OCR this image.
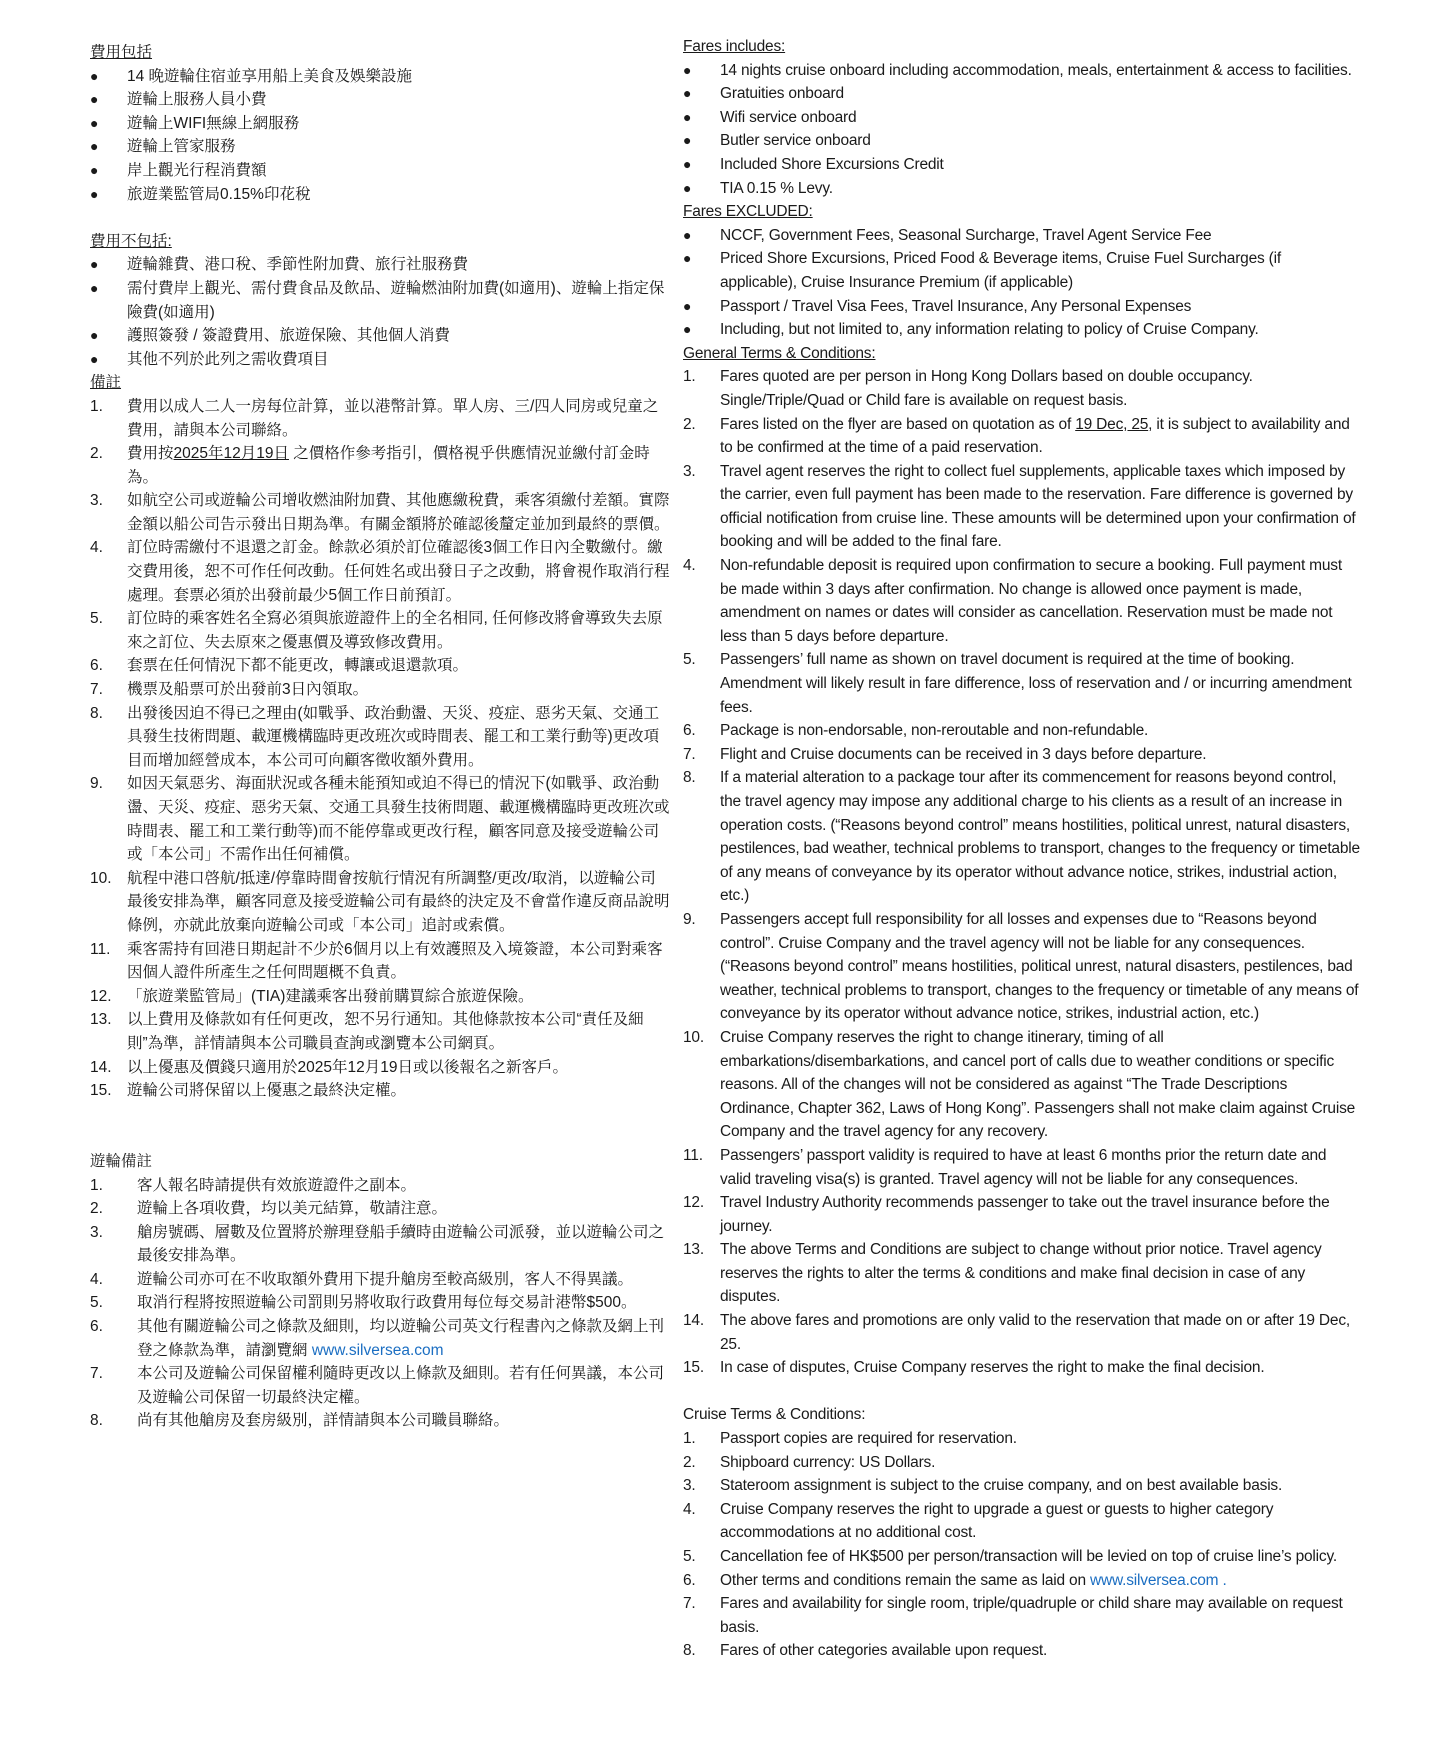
費用包括

●	14 晚遊輪住宿並享用船上美食及娛樂設施
●	遊輪上服務人員小費
●	遊輪上WIFI無線上網服務
●	遊輪上管家服務
●	岸上觀光行程消費額
●	旅遊業監管局0.15%印花稅

費用不包括:

●	遊輪雜費、港口稅、季節性附加費、旅行社服務費
●	需付費岸上觀光、需付費食品及飲品、遊輪燃油附加費(如適用)、遊輪上指定保險費(如適用)
●	護照簽發 / 簽證費用、旅遊保險、其他個人消費
●	其他不列於此列之需收費項目

備註

1.	費用以成人二人一房每位計算，並以港幣計算。單人房、三/四人同房或兒童之費用，請與本公司聯絡。
2.	費用按2025年12月19日 之價格作參考指引，價格視乎供應情況並繳付訂金時為。
3.	如航空公司或遊輪公司增收燃油附加費、其他應繳稅費，乘客須繳付差額。實際金額以船公司告示發出日期為準。有關金額將於確認後釐定並加到最終的票價。
4.	訂位時需繳付不退還之訂金。餘款必須於訂位確認後3個工作日內全數繳付。繳交費用後，恕不可作任何改動。任何姓名或出發日子之改動，將會視作取消行程處理。套票必須於出發前最少5個工作日前預訂。
5.	訂位時的乘客姓名全寫必須與旅遊證件上的全名相同, 任何修改將會導致失去原來之訂位、失去原來之優惠價及導致修改費用。
6.	套票在任何情況下都不能更改，轉讓或退還款項。
7.	機票及船票可於出發前3日內領取。
8.	出發後因迫不得已之理由(如戰爭、政治動盪、天災、疫症、惡劣天氣、交通工具發生技術問題、載運機構臨時更改班次或時間表、罷工和工業行動等)更改項目而增加經營成本，本公司可向顧客徵收額外費用。
9.	如因天氣惡劣、海面狀況或各種未能預知或迫不得已的情況下(如戰爭、政治動盪、天災、疫症、惡劣天氣、交通工具發生技術問題、載運機構臨時更改班次或時間表、罷工和工業行動等)而不能停靠或更改行程，顧客同意及接受遊輪公司或「本公司」不需作出任何補償。
10. 航程中港口啓航/抵達/停靠時間會按航行情況有所調整/更改/取消，以遊輪公司最後安排為準，顧客同意及接受遊輪公司有最終的決定及不會當作違反商品說明條例，亦就此放棄向遊輪公司或「本公司」追討或索償。
11.	乘客需持有回港日期起計不少於6個月以上有效護照及入境簽證，本公司對乘客因個人證件所產生之任何問題概不負責。
12. 「旅遊業監管局」(TIA)建議乘客出發前購買綜合旅遊保險。
13. 以上費用及條款如有任何更改，恕不另行通知。其他條款按本公司“責任及細則”為準，詳情請與本公司職員查詢或瀏覽本公司網頁。
14. 以上優惠及價錢只適用於2025年12月19日或以後報名之新客戶。
15. 遊輪公司將保留以上優惠之最終決定權。

遊輪備註

1.	客人報名時請提供有效旅遊證件之副本。
2.	遊輪上各項收費，均以美元結算，敬請注意。
3.	艙房號碼、層數及位置將於辦理登船手續時由遊輪公司派發，並以遊輪公司之最後安排為準。
4.	遊輪公司亦可在不收取額外費用下提升艙房至較高級別，客人不得異議。
5.	取消行程將按照遊輪公司罰則另將收取行政費用每位每交易計港幣$500。
6.	其他有關遊輪公司之條款及細則，均以遊輪公司英文行程書內之條款及網上刊登之條款為準，請瀏覽網 www.silversea.com
7.	本公司及遊輪公司保留權利隨時更改以上條款及細則。若有任何異議，本公司及遊輪公司保留一切最終決定權。
8.	尚有其他艙房及套房級別，詳情請與本公司職員聯絡。

Fares includes:

●	14 nights cruise onboard including accommodation, meals, entertainment & access to facilities.
●	Gratuities onboard
●	Wifi service onboard
●	Butler service onboard
●	Included Shore Excursions Credit
●	TIA 0.15 % Levy.

Fares EXCLUDED:

●	NCCF, Government Fees, Seasonal Surcharge, Travel Agent Service Fee
●	Priced Shore Excursions, Priced Food & Beverage items, Cruise Fuel Surcharges (if applicable), Cruise Insurance Premium (if applicable)
●	Passport / Travel Visa Fees, Travel Insurance, Any Personal Expenses
●	Including, but not limited to, any information relating to policy of Cruise Company.

General Terms & Conditions:

1.	Fares quoted are per person in Hong Kong Dollars based on double occupancy. Single/Triple/Quad or Child fare is available on request basis.
2.	Fares listed on the flyer are based on quotation as of 19 Dec, 25, it is subject to availability and to be confirmed at the time of a paid reservation.
3.	Travel agent reserves the right to collect fuel supplements, applicable taxes which imposed by the carrier, even full payment has been made to the reservation. Fare difference is governed by official notification from cruise line. These amounts will be determined upon your confirmation of booking and will be added to the final fare.
4.	Non-refundable deposit is required upon confirmation to secure a booking. Full payment must be made within 3 days after confirmation. No change is allowed once payment is made, amendment on names or dates will consider as cancellation. Reservation must be made not less than 5 days before departure.
5.	Passengers’ full name as shown on travel document is required at the time of booking. Amendment will likely result in fare difference, loss of reservation and / or incurring amendment fees.
6.	Package is non-endorsable, non-reroutable and non-refundable.
7.	Flight and Cruise documents can be received in 3 days before departure.
8.	If a material alteration to a package tour after its commencement for reasons beyond control, the travel agency may impose any additional charge to his clients as a result of an increase in operation costs. (“Reasons beyond control” means hostilities, political unrest, natural disasters, pestilences, bad weather, technical problems to transport, changes to the frequency or timetable of any means of conveyance by its operator without advance notice, strikes, industrial action, etc.)
9.	Passengers accept full responsibility for all losses and expenses due to “Reasons beyond control”. Cruise Company and the travel agency will not be liable for any consequences. (“Reasons beyond control” means hostilities, political unrest, natural disasters, pestilences, bad weather, technical problems to transport, changes to the frequency or timetable of any means of conveyance by its operator without advance notice, strikes, industrial action, etc.)
10.	Cruise Company reserves the right to change itinerary, timing of all embarkations/disembarkations, and cancel port of calls due to weather conditions or specific reasons. All of the changes will not be considered as against “The Trade Descriptions Ordinance, Chapter 362, Laws of Hong Kong”. Passengers shall not make claim against Cruise Company and the travel agency for any recovery.
11.	Passengers’ passport validity is required to have at least 6 months prior the return date and valid traveling visa(s) is granted. Travel agency will not be liable for any consequences.
12.	Travel Industry Authority recommends passenger to take out the travel insurance before the journey.
13.	The above Terms and Conditions are subject to change without prior notice. Travel agency reserves the rights to alter the terms & conditions and make final decision in case of any disputes.
14.	The above fares and promotions are only valid to the reservation that made on or after 19 Dec, 25.
15.	In case of disputes, Cruise Company reserves the right to make the final decision.

Cruise Terms & Conditions:

1.	Passport copies are required for reservation.
2.	Shipboard currency: US Dollars.
3.	Stateroom assignment is subject to the cruise company, and on best available basis.
4.	Cruise Company reserves the right to upgrade a guest or guests to higher category accommodations at no additional cost.
5.	Cancellation fee of HK$500 per person/transaction will be levied on top of cruise line’s policy.
6.	Other terms and conditions remain the same as laid on www.silversea.com .
7.	Fares and availability for single room, triple/quadruple or child share may available on request basis.
8.	Fares of other categories available upon request.
